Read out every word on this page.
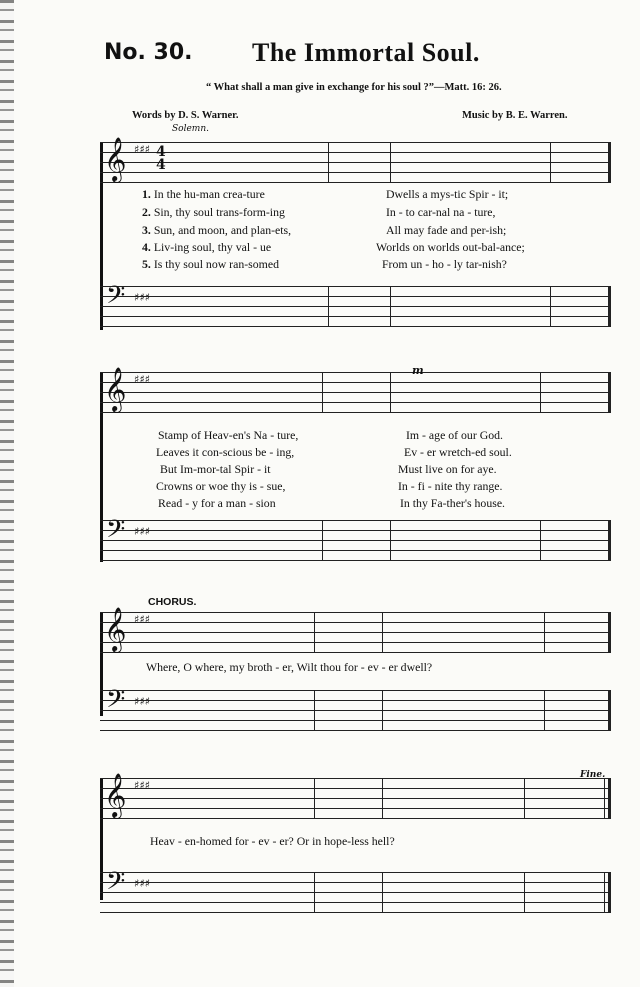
No. 30. The Immortal Soul.
“ What shall a man give in exchange for his soul ?”—Matt. 16: 26.
Words by D. S. Warner.	Music by B. E. Warren.
Solemn.
𝄞 ♯♯♯ 4
4
𝄢 ♯♯♯
1. In the hu-man crea-ture	Dwells a mys-tic Spir - it;
2. Sin, thy soul trans-form-ing	In - to car-nal na - ture,
3. Sun, and moon, and plan-ets,	All may fade and per-ish;
4. Liv-ing soul, thy val - ue	Worlds on worlds out-bal-ance;
5. Is thy soul now ran-somed	From un - ho - ly tar-nish?
𝄞 ♯♯♯
m
𝄢 ♯♯♯
Stamp of Heav-en's Na - ture,	Im - age of our God.
Leaves it con-scious be - ing,	Ev - er wretch-ed soul.
But Im-mor-tal Spir - it	Must live on for aye.
Crowns or woe thy is - sue,	In - fi - nite thy range.
Read - y for a man - sion	In thy Fa-ther's house.
CHORUS.
𝄞 ♯♯♯
Where, O where, my broth - er, Wilt thou for - ev - er dwell?
𝄢 ♯♯♯
𝄞 ♯♯♯
Fine.
Heav - en-homed for - ev - er? Or in hope-less hell?
𝄢 ♯♯♯
